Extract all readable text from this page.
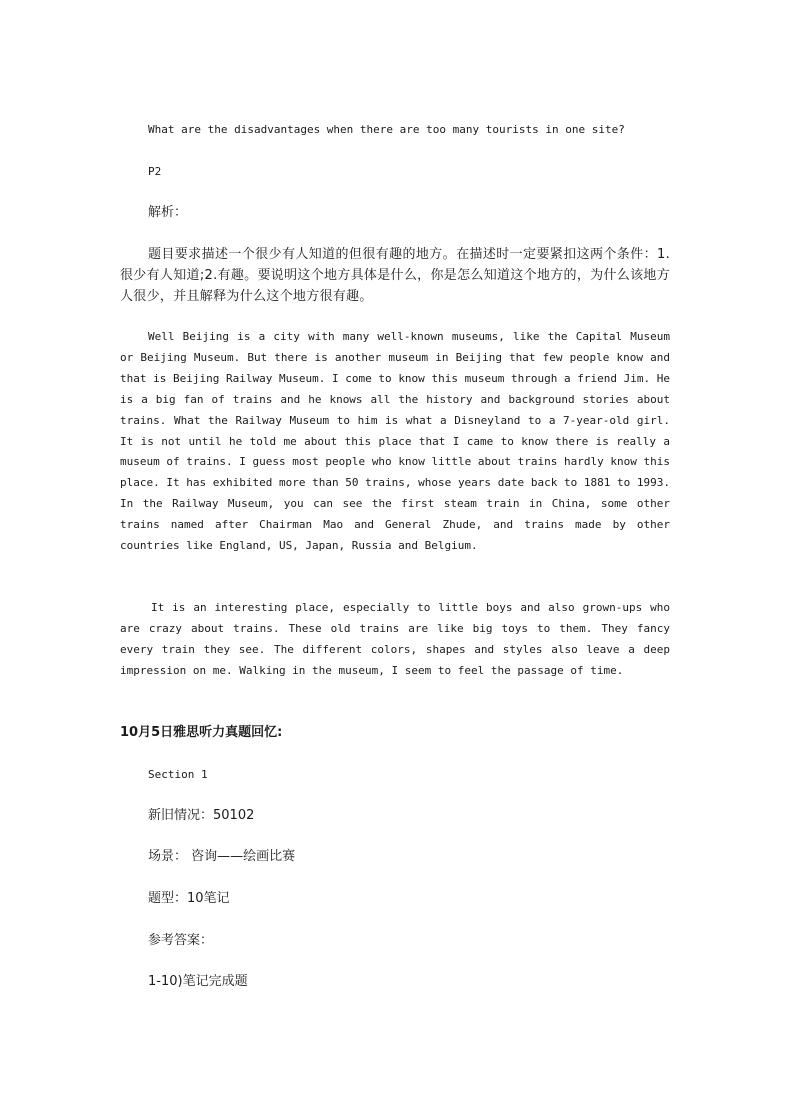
What are the disadvantages when there are too many tourists in one site?
P2
解析：
题目要求描述一个很少有人知道的但很有趣的地方。在描述时一定要紧扣这两个条件：1. 很少有人知道;2.有趣。要说明这个地方具体是什么，你是怎么知道这个地方的，为什么该地方人很少，并且解释为什么这个地方很有趣。
Well Beijing is a city with many well-known museums, like the Capital Museum or Beijing Museum. But there is another museum in Beijing that few people know and that is Beijing Railway Museum. I come to know this museum through a friend Jim. He is a big fan of trains and he knows all the history and background stories about trains. What the Railway Museum to him is what a Disneyland to a 7-year-old girl. It is not until he told me about this place that I came to know there is really a museum of trains. I guess most people who know little about trains hardly know this place. It has exhibited more than 50 trains, whose years date back to 1881 to 1993. In the Railway Museum, you can see the first steam train in China, some other trains named after Chairman Mao and General Zhude, and trains made by other countries like England, US, Japan, Russia and Belgium.
It is an interesting place, especially to little boys and also grown-ups who are crazy about trains. These old trains are like big toys to them. They fancy every train they see. The different colors, shapes and styles also leave a deep impression on me. Walking in the museum, I seem to feel the passage of time.
10月5日雅思听力真题回忆:
Section 1
新旧情况：50102
场景： 咨询——绘画比赛
题型：10笔记
参考答案：
1-10)笔记完成题
